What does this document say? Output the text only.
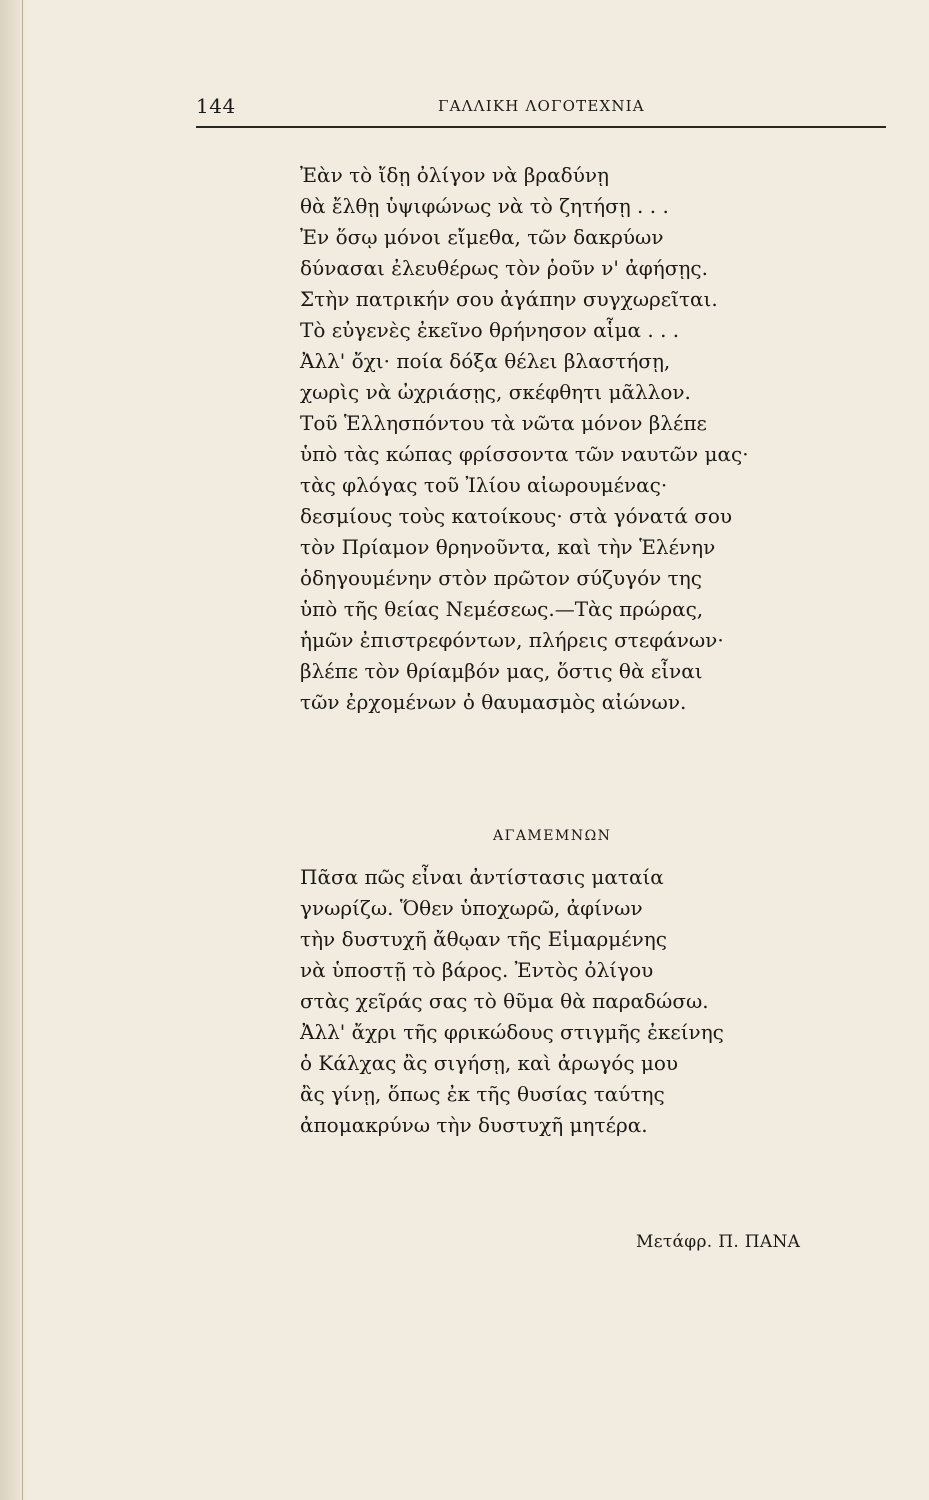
144	ΓΑΛΛΙΚΗ ΛΟΓΟΤΕΧΝΙΑ
Ἐὰν τὸ ἴδῃ ὀλίγον νὰ βραδύνῃ
θὰ ἔλθῃ ὑψιφώνως νὰ τὸ ζητήσῃ . . .
Ἐν ὅσῳ μόνοι εἴμεθα, τῶν δακρύων
δύνασαι ἐλευθέρως τὸν ῥοῦν ν' ἀφήσῃς.
Στὴν πατρικήν σου ἀγάπην συγχωρεῖται.
Τὸ εὐγενὲς ἐκεῖνο θρήνησον αἷμα . . .
Ἀλλ' ὄχι· ποία δόξα θέλει βλαστήσῃ,
χωρὶς νὰ ὠχριάσῃς, σκέφθητι μᾶλλον.
Τοῦ Ἑλλησπόντου τὰ νῶτα μόνον βλέπε
ὑπὸ τὰς κώπας φρίσσοντα τῶν ναυτῶν μας·
τὰς φλόγας τοῦ Ἰλίου αἰωρουμένας·
δεσμίους τοὺς κατοίκους· στὰ γόνατά σου
τὸν Πρίαμον θρηνοῦντα, καὶ τὴν Ἑλένην
ὁδηγουμένην στὸν πρῶτον σύζυγόν της
ὑπὸ τῆς θείας Νεμέσεως.—Τὰς πρώρας,
ἡμῶν ἐπιστρεφόντων, πλήρεις στεφάνων·
βλέπε τὸν θρίαμβόν μας, ὅστις θὰ εἶναι
τῶν ἐρχομένων ὁ θαυμασμὸς αἰώνων.
ΑΓΑΜΕΜΝΩΝ
Πᾶσα πῶς εἶναι ἀντίστασις ματαία
γνωρίζω. Ὅθεν ὑποχωρῶ, ἀφίνων
τὴν δυστυχῆ ἄθῳαν τῆς Εἱμαρμένης
νὰ ὑποστῇ τὸ βάρος. Ἐντὸς ὀλίγου
στὰς χεῖράς σας τὸ θῦμα θὰ παραδώσω.
Ἀλλ' ἄχρι τῆς φρικώδους στιγμῆς ἐκείνης
ὁ Κάλχας ἂς σιγήσῃ, καὶ ἀρωγός μου
ἂς γίνῃ, ὅπως ἐκ τῆς θυσίας ταύτης
ἀπομακρύνω τὴν δυστυχῆ μητέρα.
Μετάφρ. Π. ΠΑΝΑ
